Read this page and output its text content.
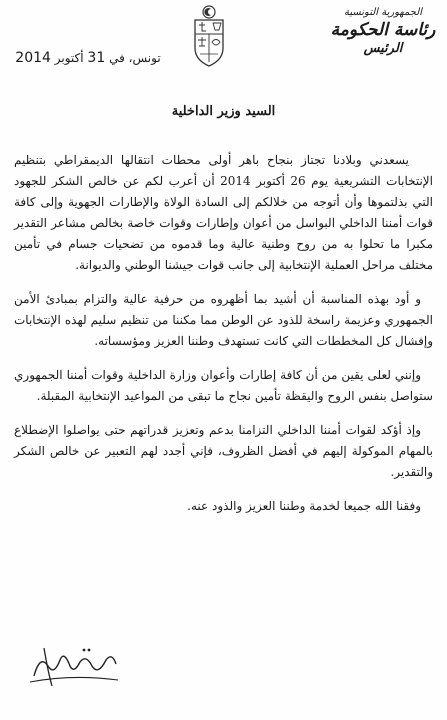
الجمهورية التونسية
رئاسة الحكومة
الرئيس
تونس، في 31 أكتوبر 2014
السيد وزير الداخلية

يسعدني وبلادنا تجتاز بنجاح باهر أولى محطات انتقالها الديمقراطي بتنظيم الإنتخابات التشريعية يوم 26 أكتوبر 2014 أن أعرب لكم عن خالص الشكر للجهود التي بذلتموها وأن أتوجه من خلالكم إلى السادة الولاة والإطارات الجهوية وإلى كافة قوات أمننا الداخلي البواسل من أعوان وإطارات وقوات خاصة بخالص مشاعر التقدير مكبرا ما تحلوا به من روح وطنية عالية وما قدموه من تضحيات جسام في تأمين مختلف مراحل العملية الإنتخابية إلى جانب قوات جيشنا الوطني والديوانة.

و أود بهذه المناسبة أن أشيد بما أظهروه من حرفية عالية والتزام بمبادئ الأمن الجمهوري وعزيمة راسخة للذود عن الوطن مما مكننا من تنظيم سليم لهذه الإنتخابات وإفشال كل المخططات التي كانت تستهدف وطننا العزيز ومؤسساته.

وإنني لعلى يقين من أن كافة إطارات وأعوان وزارة الداخلية وقوات أمننا الجمهوري ستواصل بنفس الروح واليقظة تأمين نجاح ما تبقى من المواعيد الإنتخابية المقبلة.

وإذ أؤكد لقوات أمننا الداخلي التزامنا بدعم وتعزيز قدراتهم حتى يواصلوا الإضطلاع بالمهام الموكولة إليهم في أفضل الظروف، فإني أجدد لهم التعبير عن خالص الشكر والتقدير.

وفقنا الله جميعا لخدمة وطننا العزيز والذود عنه.
